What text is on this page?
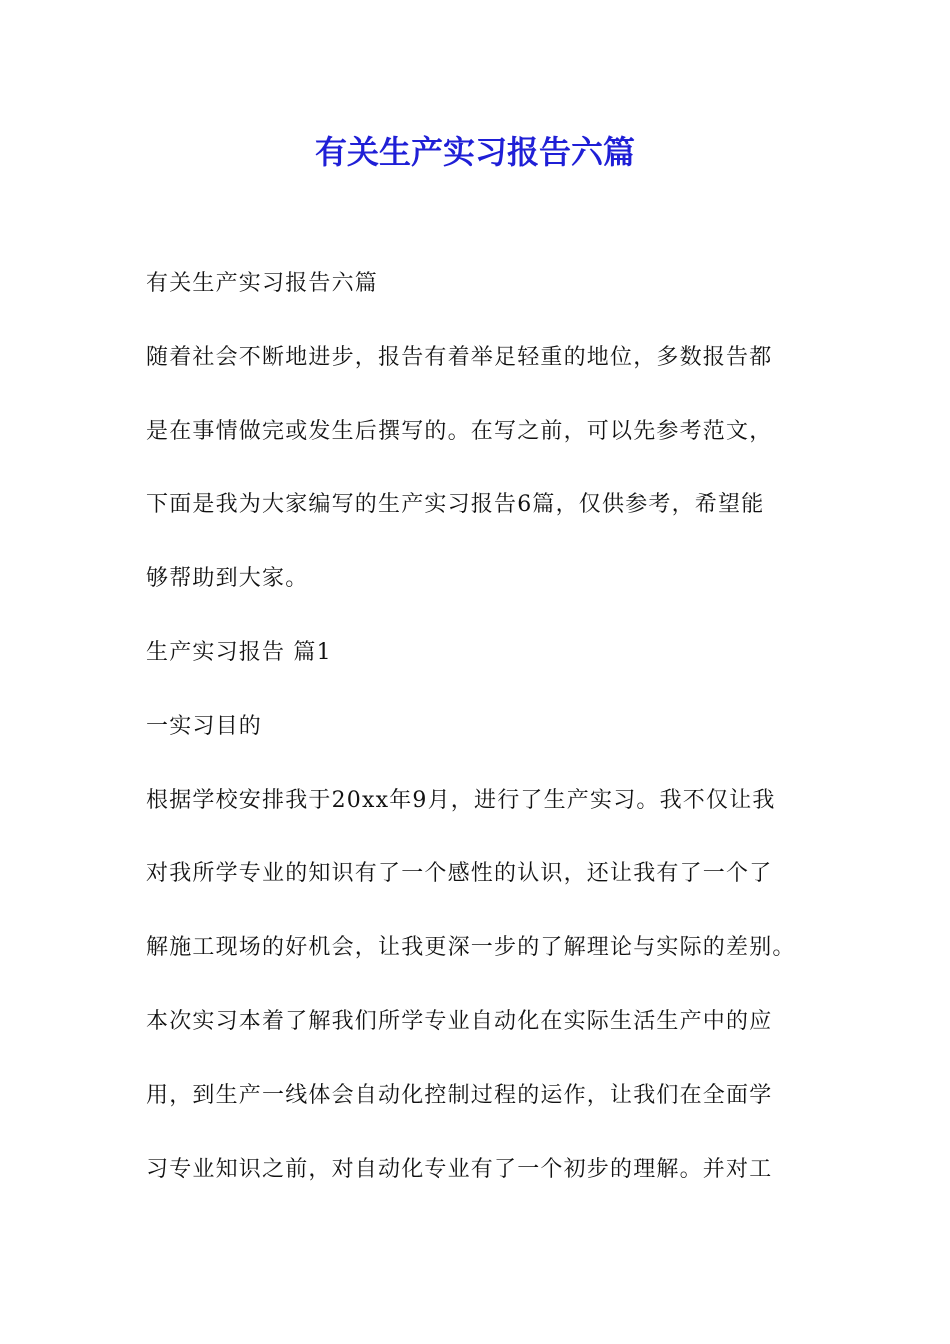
有关生产实习报告六篇
有关生产实习报告六篇
随着社会不断地进步，报告有着举足轻重的地位，多数报告都
是在事情做完或发生后撰写的。在写之前，可以先参考范文，
下面是我为大家编写的生产实习报告6篇，仅供参考，希望能
够帮助到大家。
生产实习报告 篇1
一实习目的
根据学校安排我于20xx年9月，进行了生产实习。我不仅让我
对我所学专业的知识有了一个感性的认识，还让我有了一个了
解施工现场的好机会，让我更深一步的了解理论与实际的差别。
本次实习本着了解我们所学专业自动化在实际生活生产中的应
用，到生产一线体会自动化控制过程的运作，让我们在全面学
习专业知识之前，对自动化专业有了一个初步的理解。并对工
